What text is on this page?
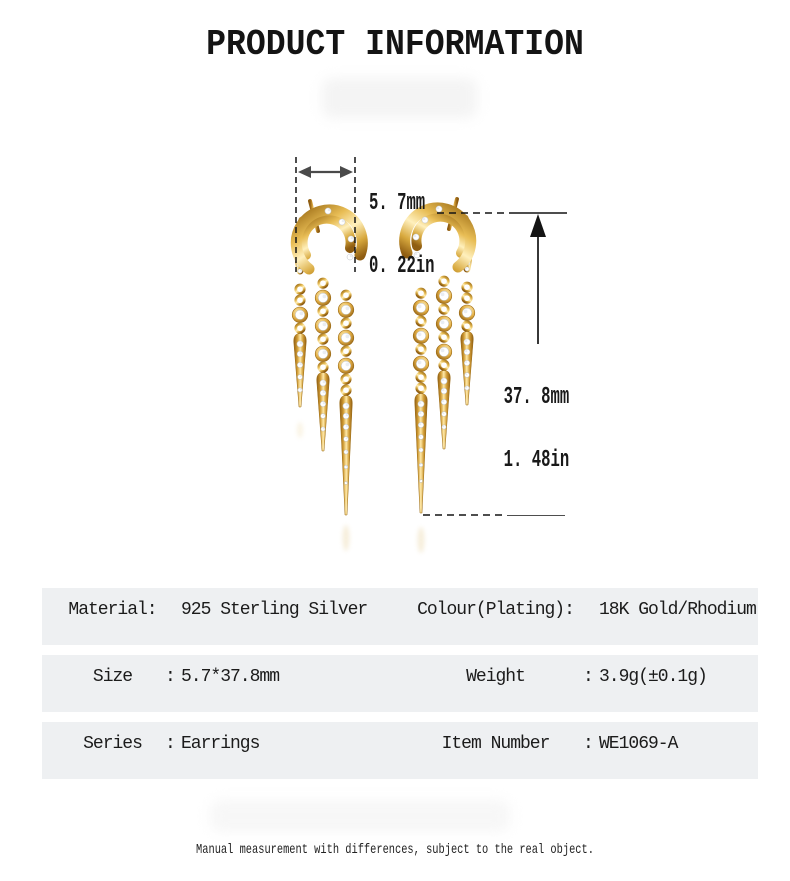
PRODUCT INFORMATION

5. 7mm

0. 22in

37. 8mm

1. 48in

Material:	925 Sterling Silver	Colour(Plating):	18K Gold/Rhodium
Size	: 5.7*37.8mm	Weight	: 3.9g(±0.1g)
Series	: Earrings	Item Number	: WE1069-A
Manual measurement with differences, subject to the real object.
